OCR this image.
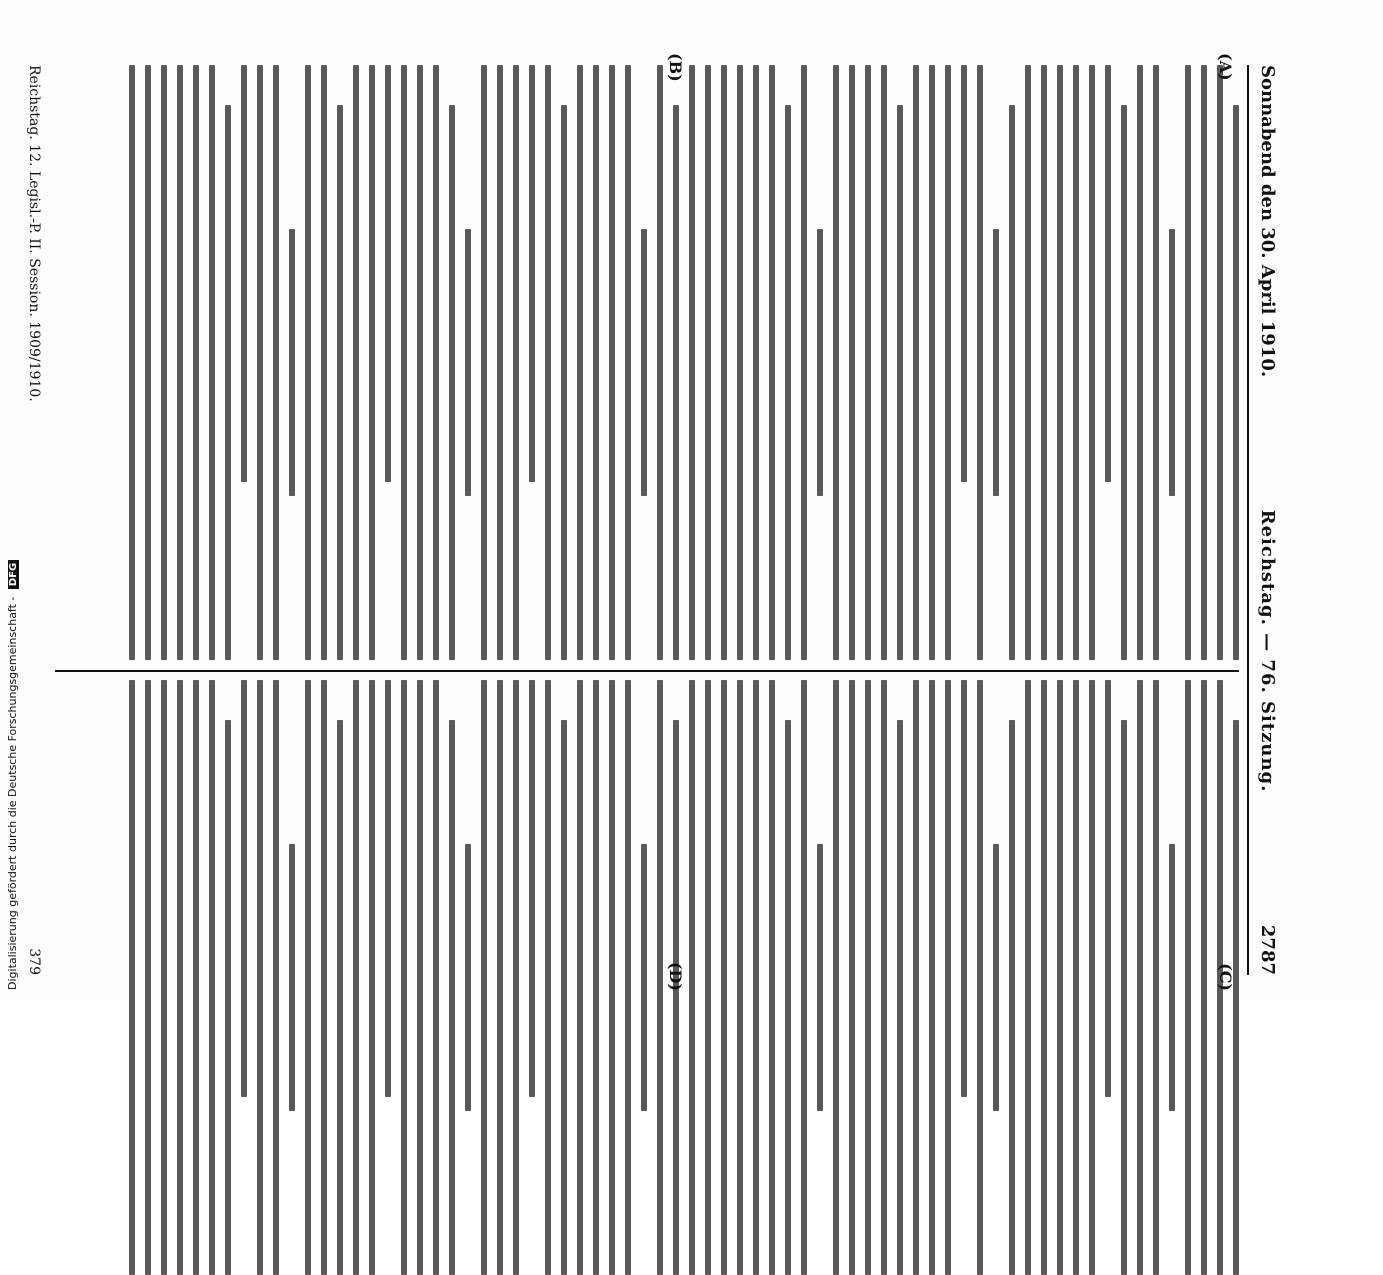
Sonnabend den 30. April 1910.
Reichstag. — 76. Sitzung.
2787
(A)
(B)
(C)
(D)
Reichstag. 12. Legisl.-P. II. Session. 1909/1910.
379
Digitalisierung gefördert durch die Deutsche Forschungsgemeinschaft - DFG
